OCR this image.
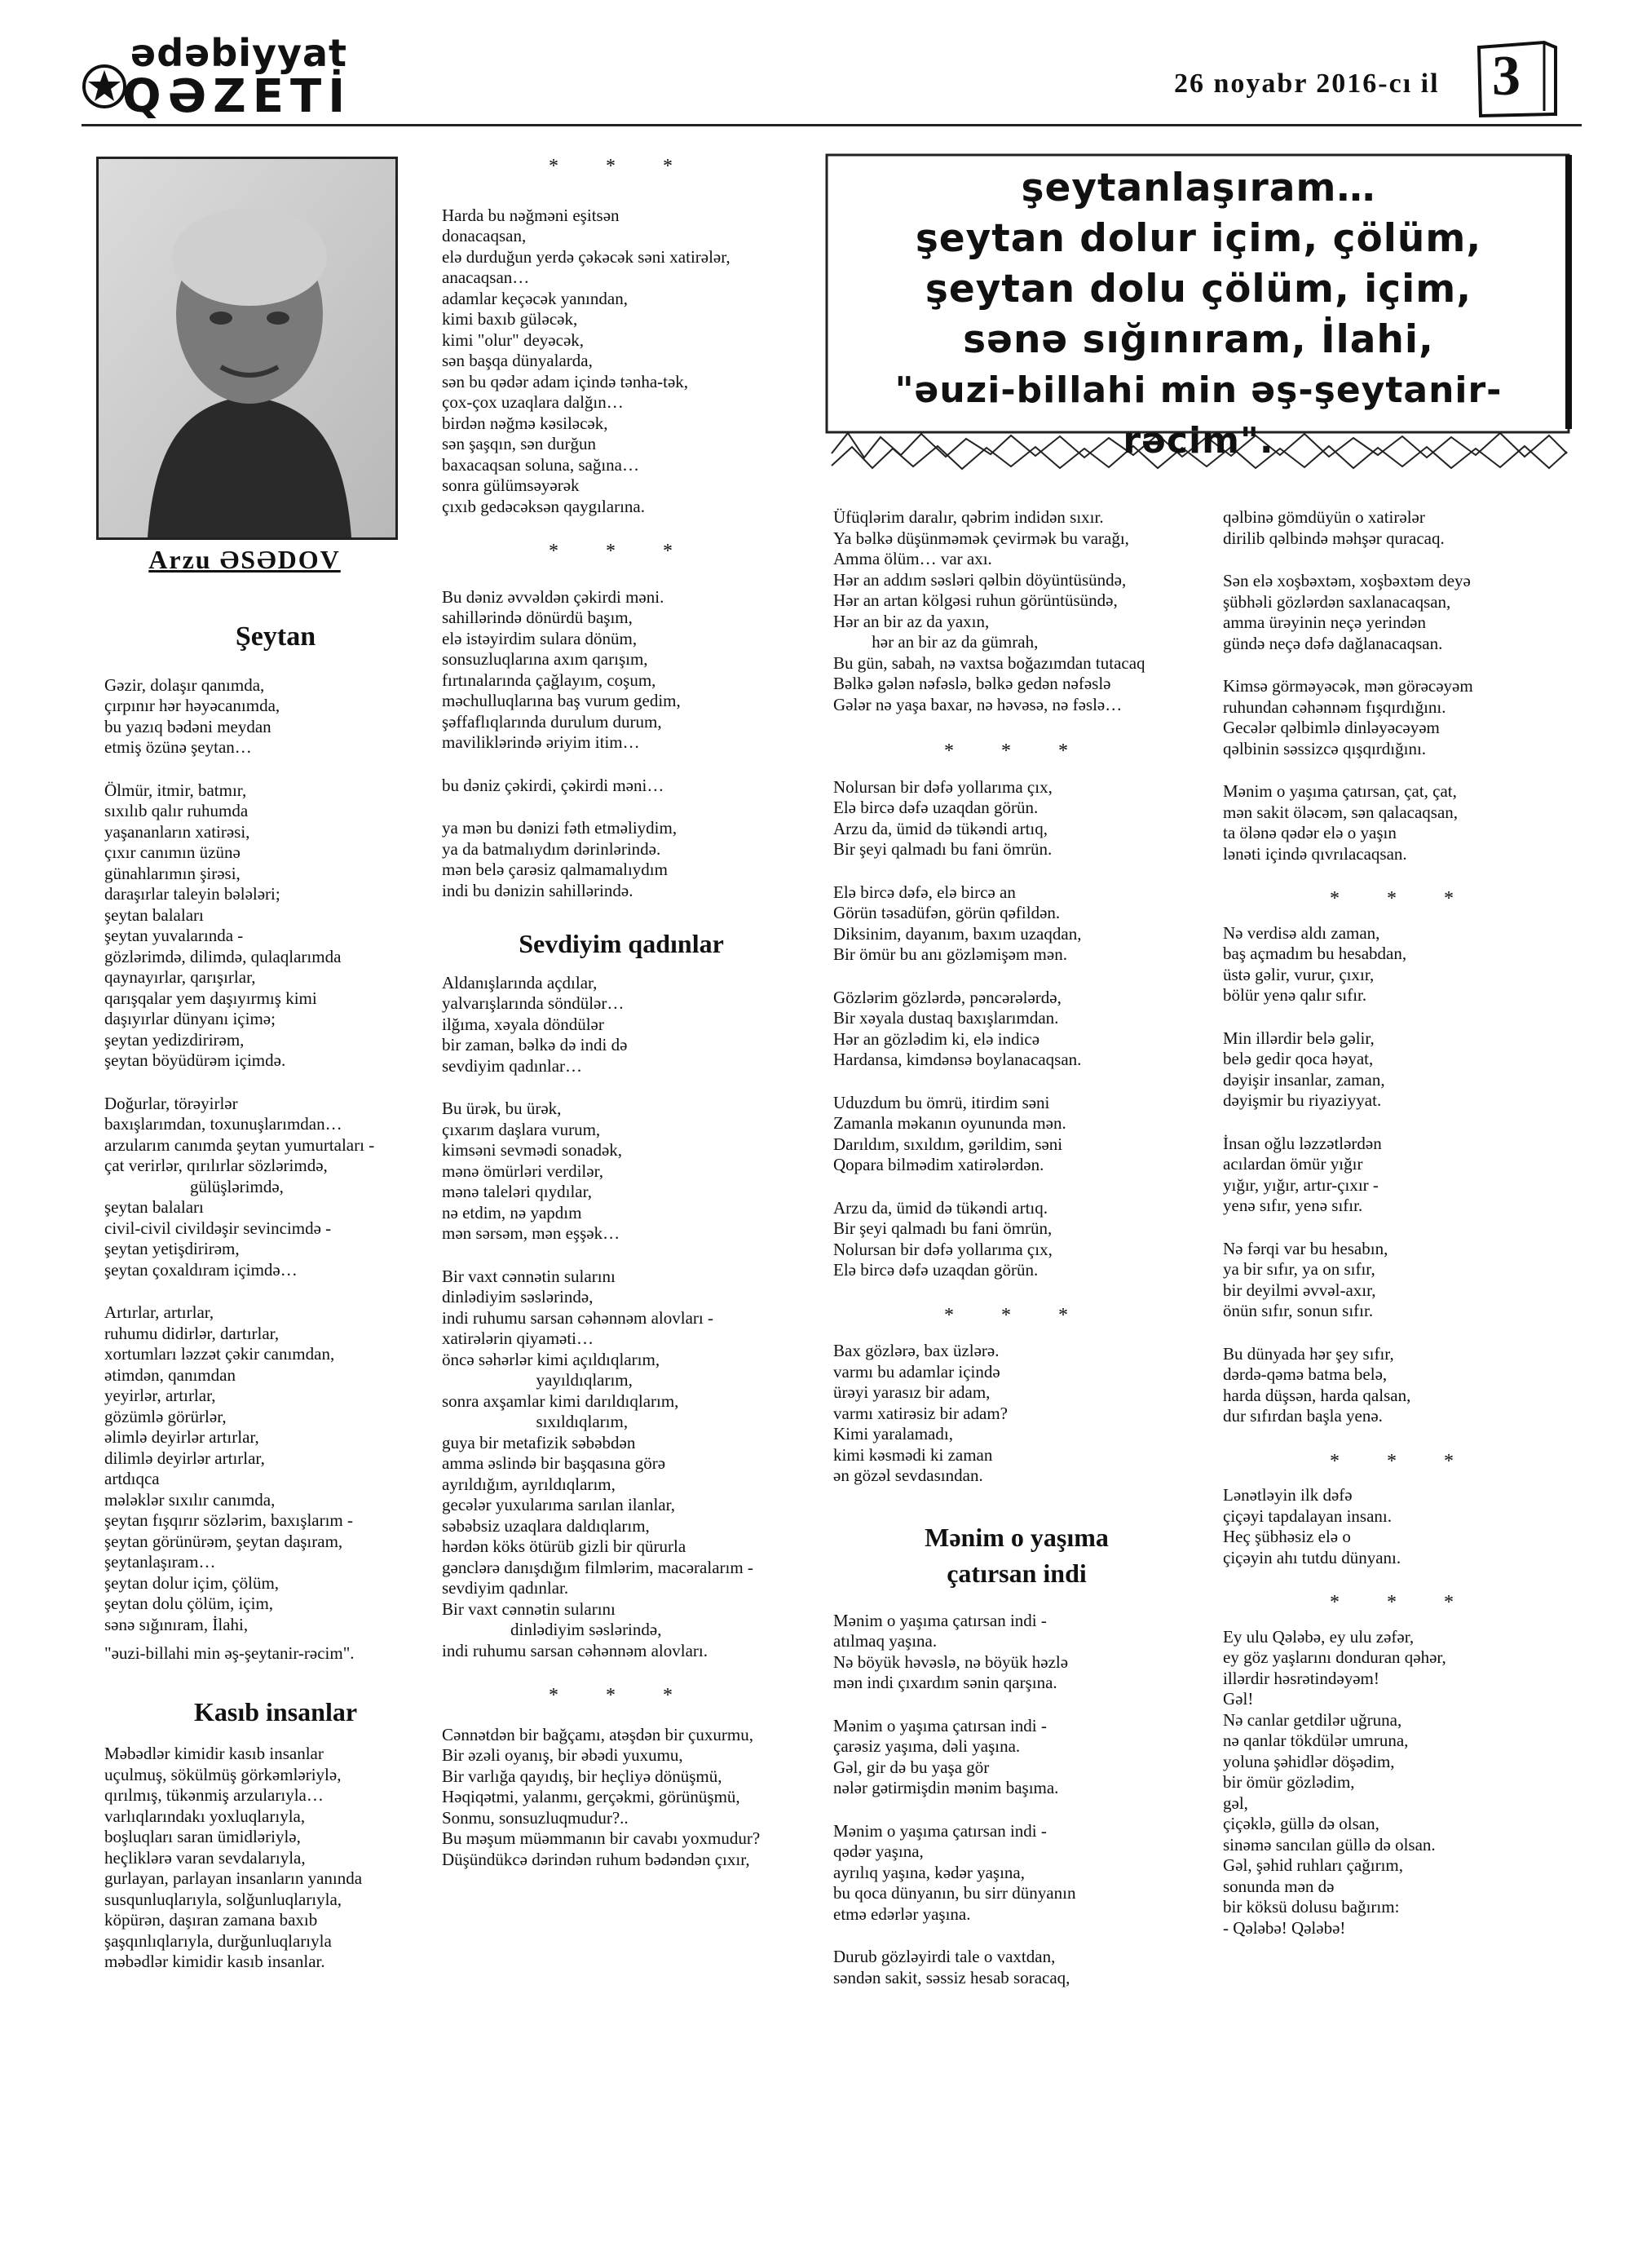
ədəbiyyat
QƏZETİ	26 noyabr 2016-cı il 3
Arzu ƏSƏDOV

Şeytan

Gəzir, dolaşır qanımda,

çırpınır hər həyəcanımda,

bu yazıq bədəni meydan

etmiş özünə şeytan…

Ölmür, itmir, batmır,

sıxılıb qalır ruhumda

yaşananların xatirəsi,

çıxır canımın üzünə

günahlarımın şirəsi,

daraşırlar taleyin bələləri;

şeytan balaları

şeytan yuvalarında -

gözlərimdə, dilimdə, qulaqlarımda

qaynayırlar, qarışırlar,

qarışqalar yem daşıyırmış kimi

daşıyırlar dünyanı içimə;

şeytan yedizdirirəm,

şeytan böyüdürəm içimdə.

Doğurlar, törəyirlər

baxışlarımdan, toxunuşlarımdan…

arzularım canımda şeytan yumurtaları -

çat verirlər, qırılırlar sözlərimdə,

gülüşlərimdə,

şeytan balaları

civil-civil civildəşir sevincimdə -

şeytan yetişdirirəm,

şeytan çoxaldıram içimdə…

Artırlar, artırlar,

ruhumu didirlər, dartırlar,

xortumları ləzzət çəkir canımdan,

ətimdən, qanımdan

yeyirlər, artırlar,

gözümlə görürlər,

əlimlə deyirlər artırlar,

dilimlə deyirlər artırlar,

artdıqca

mələklər sıxılır canımda,

şeytan fışqırır sözlərim, baxışlarım -

şeytan görünürəm, şeytan daşıram,

şeytanlaşıram…

şeytan dolur içim, çölüm,

şeytan dolu çölüm, içim,

sənə sığınıram, İlahi,

"əuzi-billahi min əş-şeytanir-rəcim".

Kasıb insanlar

Məbədlər kimidir kasıb insanlar

uçulmuş, sökülmüş görkəmləriylə,

qırılmış, tükənmiş arzularıyla…

varlıqlarındakı yoxluqlarıyla,

boşluqları saran ümidləriylə,

heçliklərə varan sevdalarıyla,

gurlayan, parlayan insanların yanında

susqunluqlarıyla, solğunluqlarıyla,

köpürən, daşıran zamana baxıb

şaşqınlıqlarıyla, durğunluqlarıyla

məbədlər kimidir kasıb insanlar.

* * *

Harda bu nəğməni eşitsən

donacaqsan,

elə durduğun yerdə çəkəcək səni xatirələr,

anacaqsan…

adamlar keçəcək yanından,

kimi baxıb güləcək,

kimi "olur" deyəcək,

sən başqa dünyalarda,

sən bu qədər adam içində tənha-tək,

çox-çox uzaqlara dalğın…

birdən nəğmə kəsiləcək,

sən şaşqın, sən durğun

baxacaqsan soluna, sağına…

sonra gülümsəyərək

çıxıb gedəcəksən qaygılarına.

* * *

Bu dəniz əvvəldən çəkirdi məni.

sahillərində dönürdü başım,

elə istəyirdim sulara dönüm,

sonsuzluqlarına axım qarışım,

fırtınalarında çağlayım, coşum,

məchulluqlarına baş vurum gedim,

şəffaflıqlarında durulum durum,

maviliklərində əriyim itim…

bu dəniz çəkirdi, çəkirdi məni…

ya mən bu dənizi fəth etməliydim,

ya da batmalıydım dərinlərində.

mən belə çarəsiz qalmamalıydım

indi bu dənizin sahillərində.

Sevdiyim qadınlar

Aldanışlarında açdılar,

yalvarışlarında söndülər…

ilğıma, xəyala döndülər

bir zaman, bəlkə də indi də

sevdiyim qadınlar…

Bu ürək, bu ürək,

çıxarım daşlara vurum,

kimsəni sevmədi sonadək,

mənə ömürləri verdilər,

mənə talеləri qıydılar,

nə etdim, nə yapdım

mən sərsəm, mən eşşək…

Bir vaxt cənnətin sularını

dinlədiyim səslərində,

indi ruhumu sarsan cəhənnəm alovları -

xatirələrin qiyaməti…

öncə səhərlər kimi açıldıqlarım,

yayıldıqlarım,

sonra axşamlar kimi darıldıqlarım,

sıxıldıqlarım,

guya bir metafizik səbəbdən

amma əslində bir başqasına görə

ayrıldığım, ayrıldıqlarım,

gecələr yuxularıma sarılan ilanlar,

səbəbsiz uzaqlara daldıqlarım,

hərdən köks ötürüb gizli bir qürurla

gənclərə danışdığım filmlərim, macəralarım -

sevdiyim qadınlar.

Bir vaxt cənnətin sularını

dinlədiyim səslərində,

indi ruhumu sarsan cəhənnəm alovları.

* * *

Cənnətdən bir bağçamı, atəşdən bir çuxurmu,

Bir əzəli oyanış, bir əbədi yuxumu,

Bir varlığa qayıdış, bir heçliyə dönüşmü,

Həqiqətmi, yalanmı, gerçəkmi, görünüşmü,

Sonmu, sonsuzluqmudur?..

Bu məşum müəmmanın bir cavabı yoxmudur?

Düşündükcə dərindən ruhum bədəndən çıxır,

şeytanlaşıram…

şeytan dolur içim, çölüm,

şeytan dolu çölüm, içim,

sənə sığınıram, İlahi,

"əuzi-billahi min əş-şeytanir-rəcim".

Üfüqlərim daralır, qəbrim indidən sıxır.

Ya bəlkə düşünməmək çevirmək bu varağı,

Amma ölüm… var axı.

Hər an addım səsləri qəlbin döyüntüsündə,

Hər an artan kölgəsi ruhun görüntüsündə,

Hər an bir az da yaxın,

hər an bir az da gümrah,

Bu gün, sabah, nə vaxtsa boğazımdan tutacaq

Bəlkə gələn nəfəslə, bəlkə gedən nəfəslə

Gələr nə yaşa baxar, nə həvəsə, nə fəslə…

* * *

Nolursan bir dəfə yollarıma çıx,

Elə bircə dəfə uzaqdan görün.

Arzu da, ümid də tükəndi artıq,

Bir şeyi qalmadı bu fani ömrün.

Elə bircə dəfə, elə bircə an

Görün təsadüfən, görün qəfildən.

Diksinim, dayanım, baxım uzaqdan,

Bir ömür bu anı gözləmişəm mən.

Gözlərim gözlərdə, pəncərələrdə,

Bir xəyala dustaq baxışlarımdan.

Hər an gözlədim ki, elə indicə

Hardansa, kimdənsə boylanacaqsan.

Uduzdum bu ömrü, itirdim səni

Zamanla məkanın oyununda mən.

Darıldım, sıxıldım, gərildim, səni

Qopara bilmədim xatirələrdən.

Arzu da, ümid də tükəndi artıq.

Bir şeyi qalmadı bu fani ömrün,

Nolursan bir dəfə yollarıma çıx,

Elə bircə dəfə uzaqdan görün.

* * *

Bax gözlərə, bax üzlərə.

varmı bu adamlar içində

ürəyi yarasız bir adam,

varmı xatirəsiz bir adam?

Kimi yaralamadı,

kimi kəsmədi ki zaman

ən gözəl sevdasından.

Mənim o yaşıma

çatırsan indi

Mənim o yaşıma çatırsan indi -

atılmaq yaşına.

Nə böyük həvəslə, nə böyük həzlə

mən indi çıxardım sənin qarşına.

Mənim o yaşıma çatırsan indi -

çarəsiz yaşıma, dəli yaşına.

Gəl, gir də bu yaşa gör

nələr gətirmişdin mənim başıma.

Mənim o yaşıma çatırsan indi -

qədər yaşına,

ayrılıq yaşına, kədər yaşına,

bu qoca dünyanın, bu sirr dünyanın

etmə edərlər yaşına.

Durub gözləyirdi tale o vaxtdan,

səndən sakit, səssiz hesab soracaq,

qəlbinə gömdüyün o xatirələr

dirilib qəlbində məhşər quracaq.

Sən elə xoşbəxtəm, xoşbəxtəm deyə

şübhəli gözlərdən saxlanacaqsan,

amma ürəyinin neçə yerindən

gündə neçə dəfə dağlanacaqsan.

Kimsə görməyəcək, mən görəcəyəm

ruhundan cəhənnəm fışqırdığını.

Gecələr qəlbimlə dinləyəcəyəm

qəlbinin səssizcə qışqırdığını.

Mənim o yaşıma çatırsan, çat, çat,

mən sakit öləcəm, sən qalacaqsan,

ta ölənə qədər elə o yaşın

lənəti içində qıvrılacaqsan.

* * *

Nə verdisə aldı zaman,

baş açmadım bu hesabdan,

üstə gəlir, vurur, çıxır,

bölür yenə qalır sıfır.

Min illərdir belə gəlir,

belə gedir qoca həyat,

dəyişir insanlar, zaman,

dəyişmir bu riyaziyyat.

İnsan oğlu ləzzətlərdən

acılardan ömür yığır

yığır, yığır, artır-çıxır -

yenə sıfır, yenə sıfır.

Nə fərqi var bu hesabın,

ya bir sıfır, ya on sıfır,

bir deyilmi əvvəl-axır,

önün sıfır, sonun sıfır.

Bu dünyada hər şey sıfır,

dərdə-qəmə batma belə,

harda düşsən, harda qalsan,

dur sıfırdan başla yenə.

* * *

Lənətləyin ilk dəfə

çiçəyi tapdalayan insanı.

Heç şübhəsiz elə o

çiçəyin ahı tutdu dünyanı.

* * *

Ey ulu Qələbə, ey ulu zəfər,

ey göz yaşlarını donduran qəhər,

illərdir həsrətindəyəm!

Gəl!

Nə canlar getdilər uğruna,

nə qanlar tökdülər umruna,

yoluna şəhidlər döşədim,

bir ömür gözlədim,

gəl,

çiçəklə, güllə də olsan,

sinəmə sancılan güllə də olsan.

Gəl, şəhid ruhları çağırım,

sonunda mən də

bir köksü dolusu bağırım:

- Qələbə! Qələbə!
